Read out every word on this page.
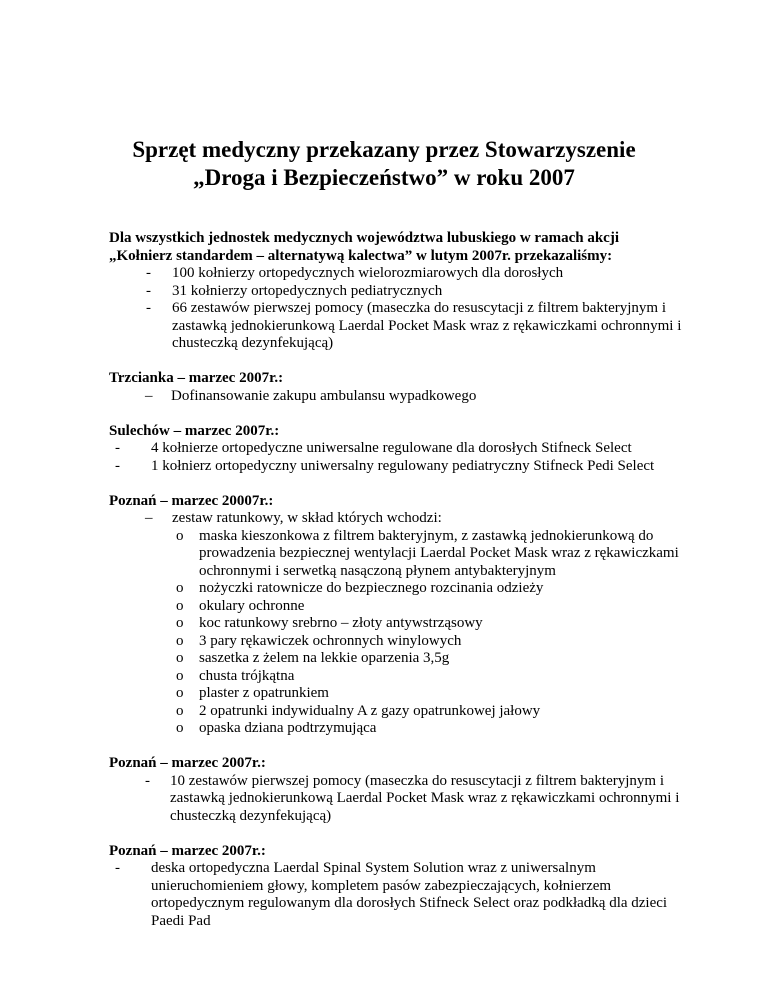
Sprzęt medyczny przekazany przez Stowarzyszenie
„Droga i Bezpieczeństwo” w roku 2007
Dla wszystkich jednostek medycznych województwa lubuskiego w ramach akcji
„Kołnierz standardem – alternatywą kalectwa” w lutym 2007r. przekazaliśmy:
- 100 kołnierzy ortopedycznych wielorozmiarowych dla dorosłych
- 31 kołnierzy ortopedycznych pediatrycznych
- 66 zestawów pierwszej pomocy (maseczka do resuscytacji z filtrem bakteryjnym i zastawką jednokierunkową Laerdal Pocket Mask wraz z rękawiczkami ochronnymi i chusteczką dezynfekującą)
Trzcianka – marzec 2007r.:
– Dofinansowanie zakupu ambulansu wypadkowego
Sulechów – marzec 2007r.:
- 4 kołnierze ortopedyczne uniwersalne regulowane dla dorosłych Stifneck Select
- 1 kołnierz ortopedyczny uniwersalny regulowany pediatryczny Stifneck Pedi Select
Poznań – marzec 20007r.:
– zestaw ratunkowy, w skład których wchodzi:
o maska kieszonkowa z filtrem bakteryjnym, z zastawką jednokierunkową do prowadzenia bezpiecznej wentylacji Laerdal Pocket Mask wraz z rękawiczkami ochronnymi i serwetką nasączoną płynem antybakteryjnym
o nożyczki ratownicze do bezpiecznego rozcinania odzieży
o okulary ochronne
o koc ratunkowy srebrno – złoty antywstrząsowy
o 3 pary rękawiczek ochronnych winylowych
o saszetka z żelem na lekkie oparzenia 3,5g
o chusta trójkątna
o plaster z opatrunkiem
o 2 opatrunki indywidualny A z gazy opatrunkowej jałowy
o opaska dziana podtrzymująca
Poznań – marzec 2007r.:
- 10 zestawów pierwszej pomocy (maseczka do resuscytacji z filtrem bakteryjnym i zastawką jednokierunkową Laerdal Pocket Mask wraz z rękawiczkami ochronnymi i chusteczką dezynfekującą)
Poznań – marzec 2007r.:
- deska ortopedyczna Laerdal Spinal System Solution wraz z uniwersalnym unieruchomieniem głowy, kompletem pasów zabezpieczających, kołnierzem ortopedycznym regulowanym dla dorosłych Stifneck Select oraz podkładką dla dzieci Paedi Pad
